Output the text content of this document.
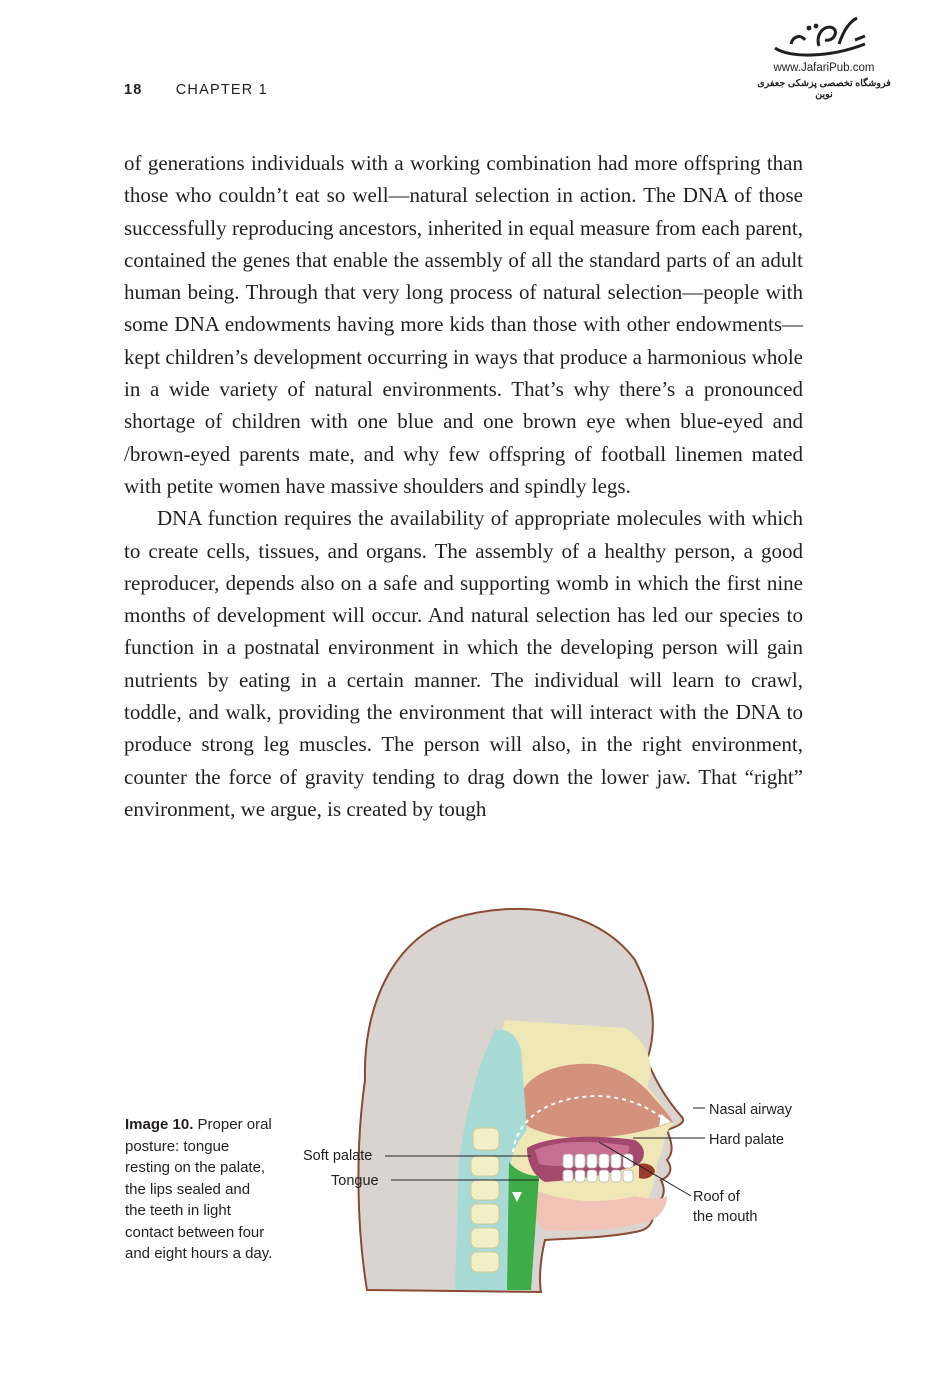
18 CHAPTER 1
www.JafariPub.com
فروشگاه تخصصی پزشکی جعفری نوین

of generations individuals with a working combination had more offspring than those who couldn’t eat so well—natural selection in action. The DNA of those successfully reproducing ancestors, inherited in equal measure from each parent, contained the genes that enable the assembly of all the standard parts of an adult human being. Through that very long process of natural selection—people with some DNA endowments having more kids than those with other endowments—kept children’s development occurring in ways that produce a harmonious whole in a wide variety of natural environments. That’s why there’s a pronounced shortage of children with one blue and one brown eye when blue-eyed and /brown-eyed parents mate, and why few offspring of football linemen mated with petite women have massive shoulders and spindly legs.

DNA function requires the availability of appropriate molecules with which to create cells, tissues, and organs. The assembly of a healthy person, a good reproducer, depends also on a safe and supporting womb in which the first nine months of development will occur. And natural selection has led our species to function in a postnatal environment in which the developing person will gain nutrients by eating in a certain manner. The individual will learn to crawl, toddle, and walk, providing the environment that will interact with the DNA to produce strong leg muscles. The person will also, in the right environment, counter the force of gravity tending to drag down the lower jaw. That “right” environment, we argue, is created by tough

Image 10. Proper oral posture: tongue resting on the palate, the lips sealed and the teeth in light contact between four and eight hours a day.
Nasal airway
Hard palate
Soft palate
Tongue
Roof of
the mouth
